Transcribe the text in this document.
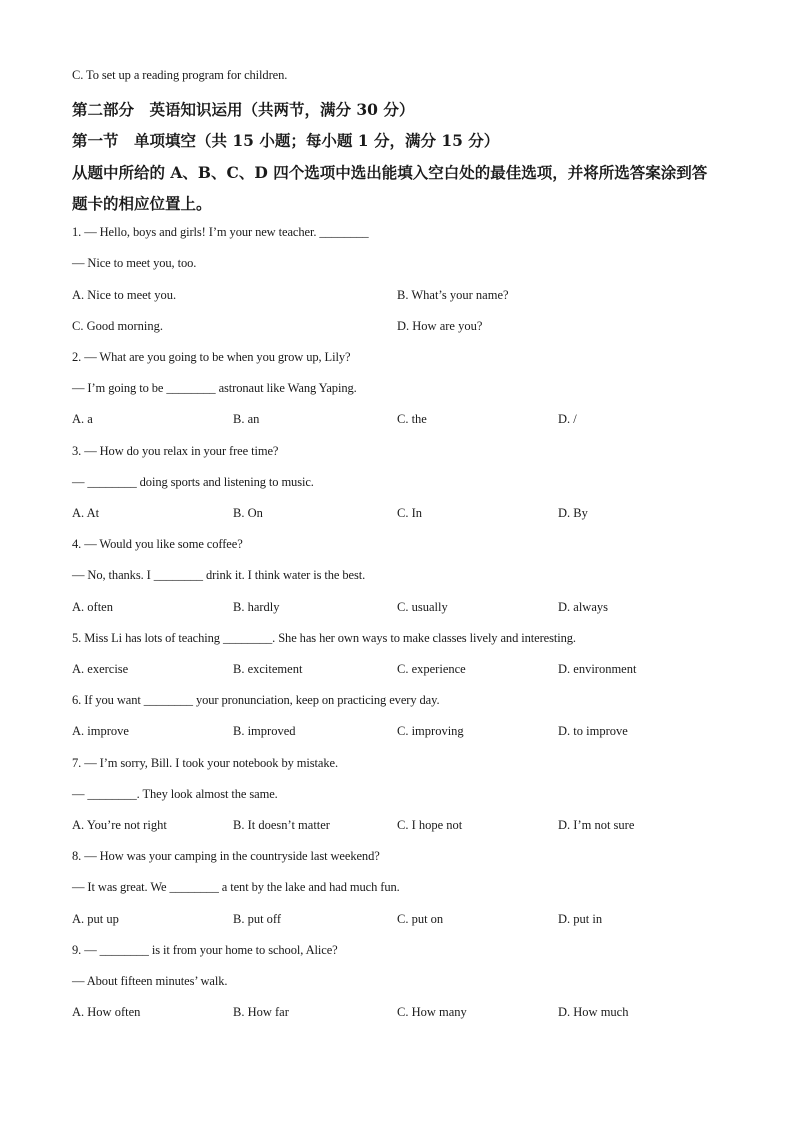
C. To set up a reading program for children.
第二部分　英语知识运用（共两节，满分 30 分）
第一节　单项填空（共 15 小题；每小题 1 分，满分 15 分）
从题中所给的 A、B、C、D 四个选项中选出能填入空白处的最佳选项，并将所选答案涂到答
题卡的相应位置上。
1. — Hello, boys and girls! I’m your new teacher. ________
— Nice to meet you, too.
A. Nice to meet you.	B. What’s your name?
C. Good morning.	D. How are you?
2. — What are you going to be when you grow up, Lily?
— I’m going to be ________ astronaut like Wang Yaping.
A. a	B. an	C. the	D. /
3. — How do you relax in your free time?
— ________ doing sports and listening to music.
A. At	B. On	C. In	D. By
4. — Would you like some coffee?
— No, thanks. I ________ drink it. I think water is the best.
A. often	B. hardly	C. usually	D. always
5. Miss Li has lots of teaching ________. She has her own ways to make classes lively and interesting.
A. exercise	B. excitement	C. experience	D. environment
6. If you want ________ your pronunciation, keep on practicing every day.
A. improve	B. improved	C. improving	D. to improve
7. — I’m sorry, Bill. I took your notebook by mistake.
— ________. They look almost the same.
A. You’re not right	B. It doesn’t matter	C. I hope not	D. I’m not sure
8. — How was your camping in the countryside last weekend?
— It was great. We ________ a tent by the lake and had much fun.
A. put up	B. put off	C. put on	D. put in
9. — ________ is it from your home to school, Alice?
— About fifteen minutes’ walk.
A. How often	B. How far	C. How many	D. How much
